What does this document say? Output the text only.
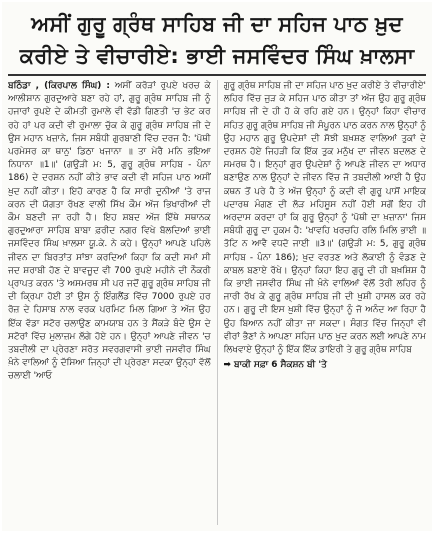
ਅਸੀਂ ਗੁਰੂ ਗ੍ਰੰਥ ਸਾਹਿਬ ਜੀ ਦਾ ਸਹਿਜ ਪਾਠ ਖ਼ੁਦ
ਕਰੀਏ ਤੇ ਵੀਚਾਰੀਏ: ਭਾਈ ਜਸਵਿੰਦਰ ਸਿੰਘ ਖ਼ਾਲਸਾ

ਬਠਿੰਡਾ , (ਕਿਰਪਾਲ ਸਿੰਘ) : ਅਸੀਂ ਕਰੋੜਾਂ ਰੁਪਏ ਖਰਚ ਕੇ ਆਲੀਸ਼ਾਨ ਗੁਰਦੁਆਰੇ ਬਣਾ ਰਹੇ ਹਾਂ, ਗੁਰੂ ਗ੍ਰੰਥ ਸਾਹਿਬ ਜੀ ਨੂੰ ਹਜਾਰਾਂ ਰੁਪਏ ਦੇ ਕੀਮਤੀ ਰੁਮਾਲੇ ਵੀ ਵੱਡੀ ਗਿਣਤੀ 'ਚ ਭੇਟ ਕਰ ਰਹੇ ਹਾਂ ਪਰ ਕਦੀ ਵੀ ਰੁਮਾਲਾ ਚੁੱਕ ਕੇ ਗੁਰੂ ਗ੍ਰੰਥ ਸਾਹਿਬ ਜੀ ਦੇ ਉਸ ਮਹਾਨ ਖਜ਼ਾਨੇ, ਜਿਸ ਸਬੰਧੀ ਗੁਰਬਾਣੀ ਵਿੱਚ ਦਰਜ ਹੈ: 'ਪੋਥੀ ਪਰਮੇਸਰ ਕਾ ਥਾਨੁ' ਡਿਠਾ ਖਜਾਨਾ ॥ ਤਾ ਮੇਰੈ ਮਨਿ ਭਇਆ ਨਿਧਾਨਾ ॥1॥' (ਗਉੜੀ ਮ: 5, ਗੁਰੂ ਗ੍ਰੰਥ ਸਾਹਿਬ - ਪੰਨਾ 186) ਦੇ ਦਰਸ਼ਨ ਨਹੀਂ ਕੀਤੇ ਭਾਵ ਕਦੀ ਵੀ ਸਹਿਜ ਪਾਠ ਅਸੀਂ ਖ਼ੁਦ ਨਹੀਂ ਕੀਤਾ। ਇਹੋ ਕਾਰਣ ਹੈ ਕਿ ਸਾਰੀ ਦੁਨੀਆਂ 'ਤੇ ਰਾਜ ਕਰਨ ਦੀ ਯੋਗਤਾ ਰੱਖਣ ਵਾਲੀ ਸਿੱਖ ਕੌਮ ਅੱਜ ਭਿਖਾਰੀਆਂ ਦੀ ਕੌਮ ਬਣਦੀ ਜਾ ਰਹੀ ਹੈ। ਇਹ ਸ਼ਬਦ ਅੱਜ ਇੱਥੇ ਸਥਾਨਕ ਗੁਰਦੁਆਰਾ ਸਾਹਿਬ ਬਾਬਾ ਫ਼ਰੀਦ ਨਗਰ ਵਿਖੇ ਬੋਲਦਿਆਂ ਭਾਈ ਜਸਵਿੰਦਰ ਸਿੰਘ ਖ਼ਾਲਸਾ ਯੂ.ਕੇ. ਨੇ ਕਹੇ। ਉਨ੍ਹਾਂ ਆਪਣੇ ਪਹਿਲੇ ਜੀਵਨ ਦਾ ਬਿਰਤਾਂਤ ਸਾਂਝਾ ਕਰਦਿਆਂ ਕਿਹਾ ਕਿ ਕਦੀ ਸਮਾਂ ਸੀ ਜਦ ਸ਼ਰਾਬੀ ਹੋਣ ਦੇ ਬਾਵਜੂਦ ਵੀ 700 ਰੁਪਏ ਮਹੀਨੇ ਦੀ ਨੌਕਰੀ ਪ੍ਰਾਪਤ ਕਰਨ 'ਤੇ ਅਸਮਰਥ ਸੀ ਪਰ ਜਦੋਂ ਗੁਰੂ ਗ੍ਰੰਥ ਸਾਹਿਬ ਜੀ ਦੀ ਕ੍ਰਿਪਾ ਹੋਈ ਤਾਂ ਉਸ ਨੂੰ ਇੰਗਲੈਂਡ ਵਿੱਚ 7000 ਰੁਪਏ ਹਰ ਰੋਜ਼ ਦੇ ਹਿਸਾਬ ਨਾਲ ਵਰਕ ਪਰਮਿਟ ਮਿਲ ਗਿਆ ਤੇ ਅੱਜ ਉਹ ਇੱਕ ਵੱਡਾ ਸਟੋਰ ਚਲਾਉਣ ਕਾਮਯਾਬ ਹਨ ਤੇ ਸੈਂਕੜੇ ਬੰਦੇ ਉਸ ਦੇ ਸਟੋਰਾਂ ਵਿੱਚ ਮੁਲਾਜ਼ਮ ਲੱਗੇ ਹੋਏ ਹਨ। ਉਨ੍ਹਾਂ ਆਪਣੇ ਜੀਵਨ 'ਚ ਤਬਦੀਲੀ ਦਾ ਪ੍ਰੇਰਣਾ ਸਰੋਤ ਸਵਰਗਵਾਸੀ ਭਾਈ ਜਸਵੀਰ ਸਿੰਘ ਖ਼ੰਨੇ ਵਾਲਿਆਂ ਨੂੰ ਦੱਸਿਆ ਜਿਨ੍ਹਾਂ ਦੀ ਪ੍ਰੇਰਣਾ ਸਦਕਾ ਉਨ੍ਹਾਂ ਵੱਲੋਂ ਚਲਾਈ 'ਆਓ

ਗੁਰੂ ਗ੍ਰੰਥ ਸਾਹਿਬ ਜੀ ਦਾ ਸਹਿਜ ਪਾਠ ਖ਼ੁਦ ਕਰੀਏ ਤੇ ਵੀਚਾਰੀਏ' ਲਹਿਰ ਵਿੱਚ ਜੁੜ ਕੇ ਸਹਿਜ ਪਾਠ ਕੀਤਾ ਤਾਂ ਅੱਜ ਉਹ ਗੁਰੂ ਗ੍ਰੰਥ ਸਾਹਿਬ ਜੀ ਦੇ ਹੀ ਹੋ ਕੇ ਰਹਿ ਗਏ ਹਨ। ਉਨ੍ਹਾਂ ਕਿਹਾ ਵੀਚਾਰ ਸਹਿਤ ਗੁਰੂ ਗ੍ਰੰਥ ਸਾਹਿਬ ਜੀ ਸੰਪੂਰਨ ਪਾਠ ਕਰਨ ਨਾਲ ਉਨ੍ਹਾਂ ਨੂੰ ਉਹ ਮਹਾਨ ਗੁਰੂ ਉਪਦੇਸ਼ਾਂ ਦੀ ਸੋਝੀ ਬਖ਼ਸ਼ਣ ਵਾਲਿਆਂ ਤੁਕਾਂ ਦੇ ਦਰਸ਼ਨ ਹੋਏ ਜਿਹੜੀ ਕਿ ਇੱਕ ਤੁਕ ਮਨੁੱਖ ਦਾ ਜੀਵਨ ਬਦਲਣ ਦੇ ਸਮਰਥ ਹੈ। ਇਨ੍ਹਾਂ ਗੁਰ ਉਪਦੇਸ਼ਾਂ ਨੂੰ ਆਪਣੇ ਜੀਵਨ ਦਾ ਅਧਾਰ ਬਣਾਉਣ ਨਾਲ ਉਨ੍ਹਾਂ ਦੇ ਜੀਵਨ ਵਿੱਚ ਜੋ ਤਬਦੀਲੀ ਆਈ ਹੈ ਉਹ ਕਥਨ ਤੋਂ ਪਰੇ ਹੈ ਤੇ ਅੱਜ ਉਨ੍ਹਾਂ ਨੂੰ ਕਦੀ ਵੀ ਗੁਰੂ ਪਾਸੋਂ ਮਾਇਕ ਪਦਾਰਥ ਮੰਗਣ ਦੀ ਲੋੜ ਮਹਿਸੂਸ ਨਹੀਂ ਹੋਈ ਸਗੋਂ ਇਹ ਹੀ ਅਰਦਾਸ ਕਰਦਾ ਹਾਂ ਕਿ ਗੁਰੂ ਉਨ੍ਹਾਂ ਨੂੰ 'ਪੋਥੀ ਦਾ ਖ਼ਜ਼ਾਨਾ' ਜਿਸ ਸਬੰਧੀ ਗੁਰੂ ਦਾ ਹੁਕਮ ਹੈ: 'ਖਾਵਹਿ ਖਰਚਹਿ ਰਲਿ ਮਿਲਿ ਭਾਈ ॥ ਤੋਟਿ ਨ ਆਵੈ ਵਧਦੋ ਜਾਈ ॥3॥' (ਗਉੜੀ ਮ: 5, ਗੁਰੂ ਗ੍ਰੰਥ ਸਾਹਿਬ - ਪੰਨਾ 186); ਖ਼ੁਦ ਵਰਤਣ ਅਤੇ ਲੋਕਾਈ ਨੂੰ ਵੰਡਣ ਦੇ ਕਾਬਲ ਬਣਾਏ ਰੱਖੇ। ਉਨ੍ਹਾਂ ਕਿਹਾ ਇਹ ਗੁਰੂ ਦੀ ਹੀ ਬਖ਼ਸ਼ਿਸ਼ ਹੈ ਕਿ ਭਾਈ ਜਸਵੀਰ ਸਿੰਘ ਜੀ ਖ਼ੰਨੇ ਵਾਲਿਆਂ ਵੱਲੋਂ ਤੋਰੀ ਲਹਿਰ ਨੂੰ ਜਾਰੀ ਰੱਖ ਕੇ ਗੁਰੂ ਗ੍ਰੰਥ ਸਾਹਿਬ ਜੀ ਦੀ ਖ਼ੁਸ਼ੀ ਹਾਸਲ ਕਰ ਰਹੇ ਹਨ। ਗੁਰੂ ਦੀ ਇਸ ਖ਼ੁਸ਼ੀ ਵਿੱਚ ਉਨ੍ਹਾਂ ਨੂੰ ਜੋ ਅਨੰਦ ਆ ਰਿਹਾ ਹੈ ਉਹ ਬਿਆਨ ਨਹੀਂ ਕੀਤਾ ਜਾ ਸਕਦਾ। ਸੰਗਤ ਵਿੱਚ ਜਿਨ੍ਹਾਂ ਵੀ ਵੀਰਾਂ ਭੈਣਾਂ ਨੇ ਆਪਣਾ ਸਹਿਜ ਪਾਠ ਖ਼ੁਦ ਕਰਨ ਲਈ ਆਪਣੇ ਨਾਮ ਲਿਖਵਾਏ ਉਨ੍ਹਾਂ ਨੂੰ ਇੱਕ ਇੱਕ ਡਾਇਰੀ ਤੇ ਗੁਰੂ ਗ੍ਰੰਥ ਸਾਹਿਬ

➡ ਬਾਕੀ ਸਫ਼ਾ 6 ਸੈਕਸ਼ਨ ਬੀ 'ਤੇ
